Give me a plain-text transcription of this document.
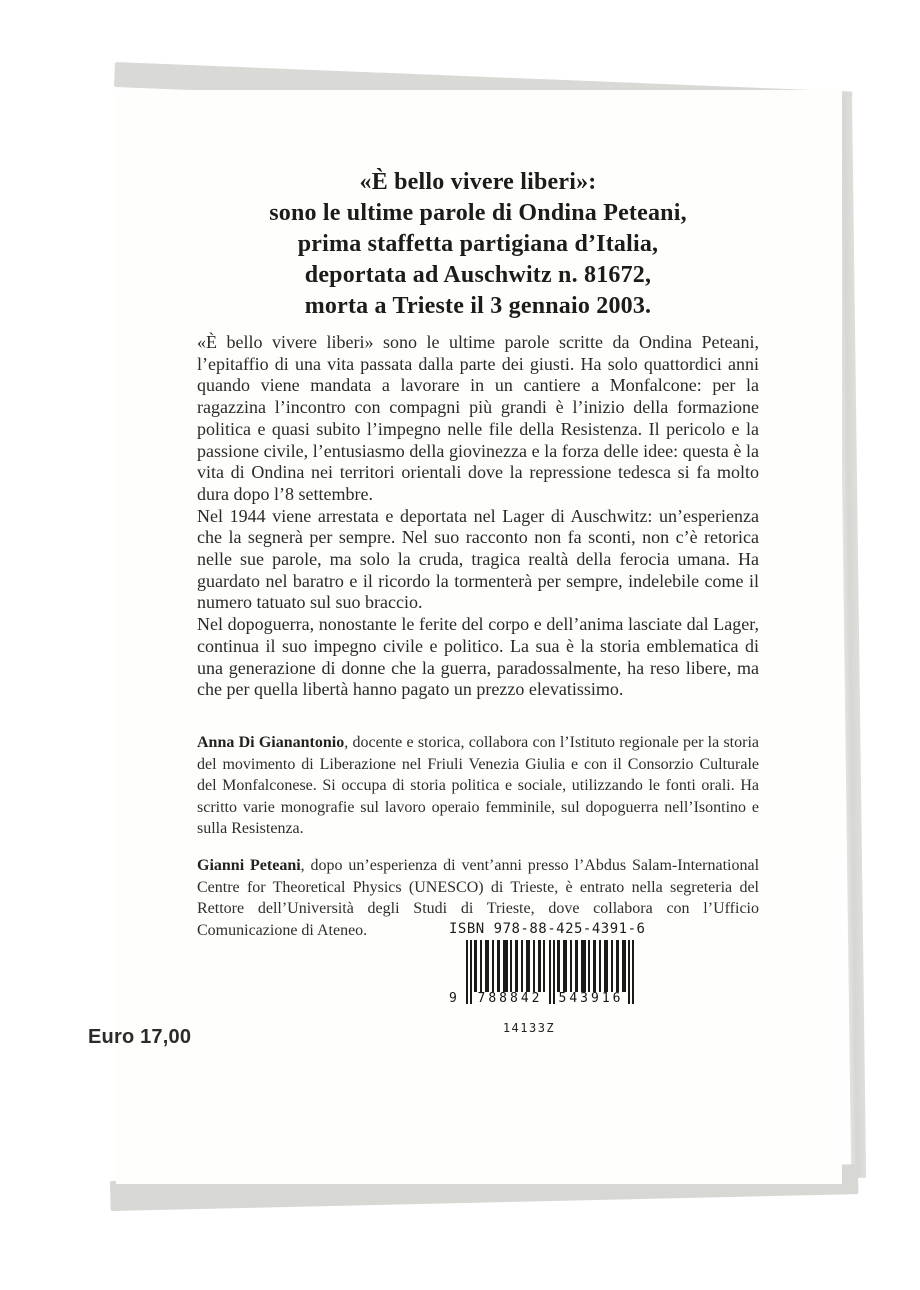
«È bello vivere liberi»:
sono le ultime parole di Ondina Peteani,
prima staffetta partigiana d’Italia,
deportata ad Auschwitz n. 81672,
morta a Trieste il 3 gennaio 2003.

«È bello vivere liberi» sono le ultime parole scritte da Ondina Peteani, l’epitaffio di una vita passata dalla parte dei giusti. Ha solo quattordici anni quando viene mandata a lavorare in un cantiere a Monfalcone: per la ragazzina l’incontro con compagni più grandi è l’inizio della formazione politica e quasi subito l’impegno nelle file della Resistenza. Il pericolo e la passione civile, l’entusiasmo della giovinezza e la forza delle idee: questa è la vita di Ondina nei territori orientali dove la repressione tedesca si fa molto dura dopo l’8 settembre.

Nel 1944 viene arrestata e deportata nel Lager di Auschwitz: un’esperienza che la segnerà per sempre. Nel suo racconto non fa sconti, non c’è retorica nelle sue parole, ma solo la cruda, tragica realtà della ferocia umana. Ha guardato nel baratro e il ricordo la tormenterà per sempre, indelebile come il numero tatuato sul suo braccio.

Nel dopoguerra, nonostante le ferite del corpo e dell’anima lasciate dal Lager, continua il suo impegno civile e politico. La sua è la storia emblematica di una generazione di donne che la guerra, paradossalmente, ha reso libere, ma che per quella libertà hanno pagato un prezzo elevatissimo.

Anna Di Gianantonio, docente e storica, collabora con l’Istituto regionale per la storia del movimento di Liberazione nel Friuli Venezia Giulia e con il Consorzio Culturale del Monfalconese. Si occupa di storia politica e sociale, utilizzando le fonti orali. Ha scritto varie monografie sul lavoro operaio femminile, sul dopoguerra nell’Isontino e sulla Resistenza.

Gianni Peteani, dopo un’esperienza di vent’anni presso l’Abdus Salam-International Centre for Theoretical Physics (UNESCO) di Trieste, è entrato nella segreteria del Rettore dell’Università degli Studi di Trieste, dove collabora con l’Ufficio Comunicazione di Ateneo.	ISBN 978-88-425-4391-6
9	788842	543916
14133Z
Euro 17,00
